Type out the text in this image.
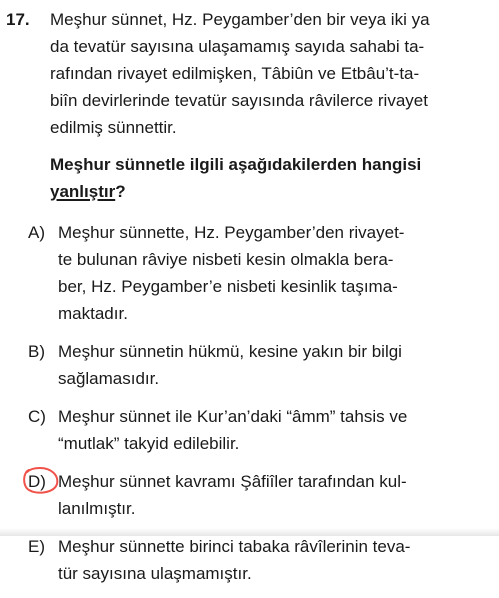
17. Meşhur sünnet, Hz. Peygamber’den bir veya iki ya
da tevatür sayısına ulaşamamış sayıda sahabi ta-
rafından rivayet edilmişken, Tâbiûn ve Etbâu’t-ta-
biîn devirlerinde tevatür sayısında râvilerce rivayet
edilmiş sünnettir.
Meşhur sünnetle ilgili aşağıdakilerden hangisi
yanlıştır?
A) Meşhur sünnette, Hz. Peygamber’den rivayet-
te bulunan râviye nisbeti kesin olmakla bera-
ber, Hz. Peygamber’e nisbeti kesinlik taşıma-
maktadır.
B) Meşhur sünnetin hükmü, kesine yakın bir bilgi
sağlamasıdır.
C) Meşhur sünnet ile Kur’an’daki “âmm” tahsis ve
“mutlak” takyid edilebilir.
D) Meşhur sünnet kavramı Şâfiîler tarafından kul-
lanılmıştır.
E) Meşhur sünnette birinci tabaka râvîlerinin teva-
tür sayısına ulaşmamıştır.
